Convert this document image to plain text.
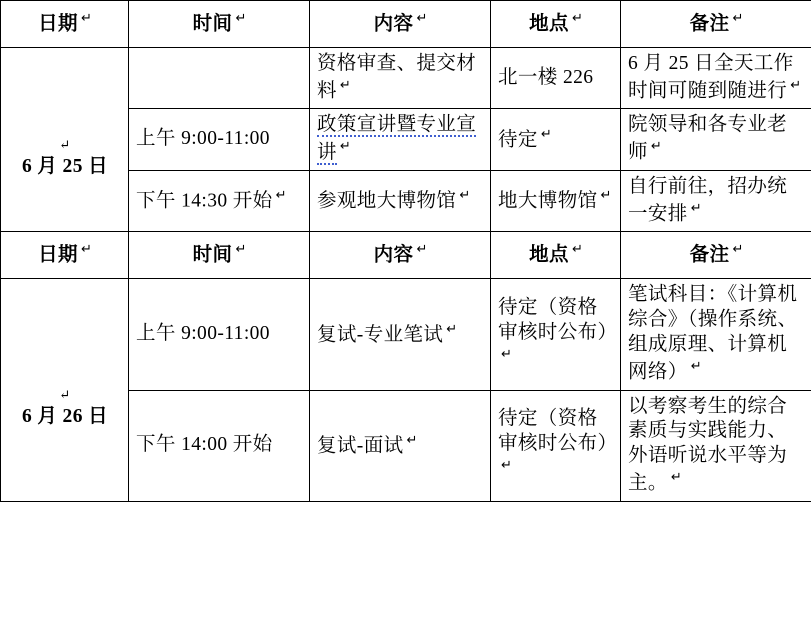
日期 ↵	时间 ↵	内容 ↵	地点 ↵	备注 ↵

↵
6 月 25 日		资格审查、提交材料 ↵	北一楼 226	6 月 25 日全天工作时间可随到随进行 ↵
	上午 9:00-11:00	政策宣讲暨专业宣讲 ↵	待定 ↵	院领导和各专业老师 ↵
	下午 14:30 开始 ↵	参观地大博物馆 ↵	地大博物馆 ↵	自行前往，招办统一安排 ↵
日期 ↵	时间 ↵	内容 ↵	地点 ↵	备注 ↵

↵
6 月 26 日	上午 9:00-11:00	复试-专业笔试 ↵	待定（资格审核时公布）↵	笔试科目：《计算机综合》（操作系统、组成原理、计算机网络） ↵
	下午 14:00 开始	复试-面试 ↵	待定（资格审核时公布）↵	以考察考生的综合素质与实践能力、外语听说水平等为主。 ↵
